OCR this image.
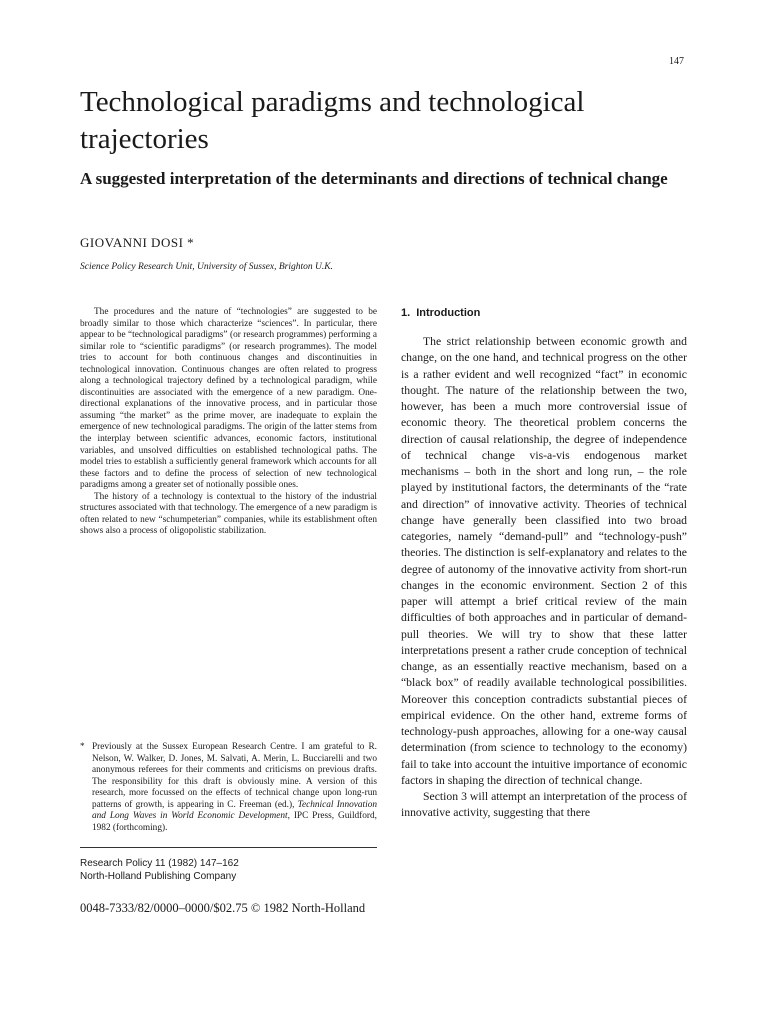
147
Technological paradigms and technological trajectories
A suggested interpretation of the determinants and directions of technical change
GIOVANNI DOSI *
Science Policy Research Unit, University of Sussex, Brighton U.K.

The procedures and the nature of “technologies” are suggested to be broadly similar to those which characterize “sciences”. In particular, there appear to be “technological paradigms” (or research programmes) performing a similar role to “scientific paradigms” (or research programmes). The model tries to account for both continuous changes and discontinuities in technological innovation. Continuous changes are often related to progress along a technological trajectory defined by a technological paradigm, while discontinuities are associated with the emergence of a new paradigm. One-directional explanations of the innovative process, and in particular those assuming “the market” as the prime mover, are inadequate to explain the emergence of new technological paradigms. The origin of the latter stems from the interplay between scientific advances, economic factors, institutional variables, and unsolved difficulties on established technological paths. The model tries to establish a sufficiently general framework which accounts for all these factors and to define the process of selection of new technological paradigms among a greater set of notionally possible ones.

The history of a technology is contextual to the history of the industrial structures associated with that technology. The emergence of a new paradigm is often related to new “schumpeterian” companies, while its establishment often shows also a process of oligopolistic stabilization.

* Previously at the Sussex European Research Centre. I am grateful to R. Nelson, W. Walker, D. Jones, M. Salvati, A. Merin, L. Bucciarelli and two anonymous referees for their comments and criticisms on previous drafts. The responsibility for this draft is obviously mine. A version of this research, more focussed on the effects of technical change upon long-run patterns of growth, is appearing in C. Freeman (ed.), Technical Innovation and Long Waves in World Economic Development, IPC Press, Guildford, 1982 (forthcoming).

Research Policy 11 (1982) 147–162
North-Holland Publishing Company
0048-7333/82/0000–0000/$02.75 © 1982 North-Holland
1. Introduction

The strict relationship between economic growth and change, on the one hand, and technical progress on the other is a rather evident and well recognized “fact” in economic thought. The nature of the relationship between the two, however, has been a much more controversial issue of economic theory. The theoretical problem concerns the direction of causal relationship, the degree of independence of technical change vis-a-vis endogenous market mechanisms – both in the short and long run, – the role played by institutional factors, the determinants of the “rate and direction” of innovative activity. Theories of technical change have generally been classified into two broad categories, namely “demand-pull” and “technology-push” theories. The distinction is self-explanatory and relates to the degree of autonomy of the innovative activity from short-run changes in the economic environment. Section 2 of this paper will attempt a brief critical review of the main difficulties of both approaches and in particular of demand-pull theories. We will try to show that these latter interpretations present a rather crude conception of technical change, as an essentially reactive mechanism, based on a “black box” of readily available technological possibilities. Moreover this conception contradicts substantial pieces of empirical evidence. On the other hand, extreme forms of technology-push approaches, allowing for a one-way causal determination (from science to technology to the economy) fail to take into account the intuitive importance of economic factors in shaping the direction of technical change.

Section 3 will attempt an interpretation of the process of innovative activity, suggesting that there
